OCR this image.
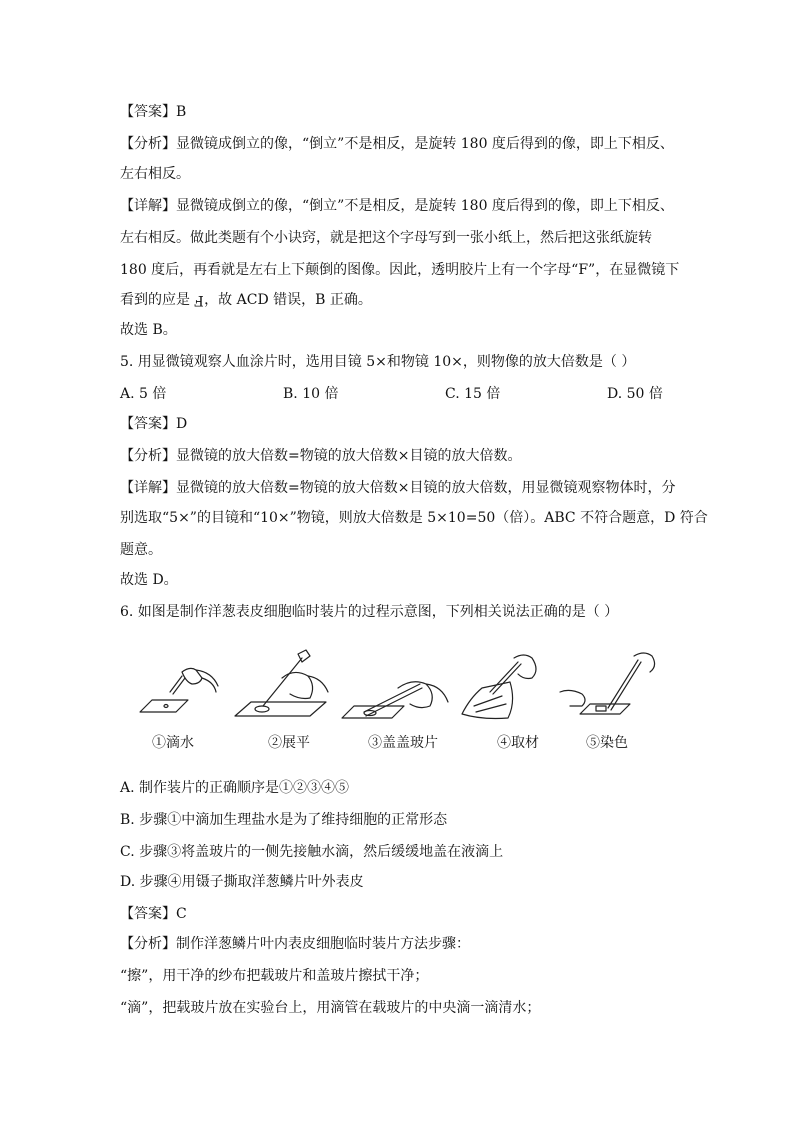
【答案】B
【分析】显微镜成倒立的像，“倒立”不是相反，是旋转 180 度后得到的像，即上下相反、
左右相反。
【详解】显微镜成倒立的像，“倒立”不是相反，是旋转 180 度后得到的像，即上下相反、
左右相反。做此类题有个小诀窍，就是把这个字母写到一张小纸上，然后把这张纸旋转
180 度后，再看就是左右上下颠倒的图像。因此，透明胶片上有一个字母“F”，在显微镜下
看到的应是 F，故 ACD 错误，B 正确。
故选 B。
5. 用显微镜观察人血涂片时，选用目镜 5×和物镜 10×，则物像的放大倍数是（ ）
A. 5 倍	B. 10 倍	C. 15 倍	D. 50 倍
【答案】D
【分析】显微镜的放大倍数=物镜的放大倍数×目镜的放大倍数。
【详解】显微镜的放大倍数=物镜的放大倍数×目镜的放大倍数，用显微镜观察物体时，分
别选取“5×”的目镜和“10×”物镜，则放大倍数是 5×10=50（倍）。ABC 不符合题意，D 符合
题意。
故选 D。
6. 如图是制作洋葱表皮细胞临时装片的过程示意图，下列相关说法正确的是（ ）
①滴水	②展平	③盖盖玻片	④取材	⑤染色
A. 制作装片的正确顺序是①②③④⑤
B. 步骤①中滴加生理盐水是为了维持细胞的正常形态
C. 步骤③将盖玻片的一侧先接触水滴，然后缓缓地盖在液滴上
D. 步骤④用镊子撕取洋葱鳞片叶外表皮
【答案】C
【分析】制作洋葱鳞片叶内表皮细胞临时装片方法步骤：
“擦”，用干净的纱布把载玻片和盖玻片擦拭干净；
“滴”，把载玻片放在实验台上，用滴管在载玻片的中央滴一滴清水；
